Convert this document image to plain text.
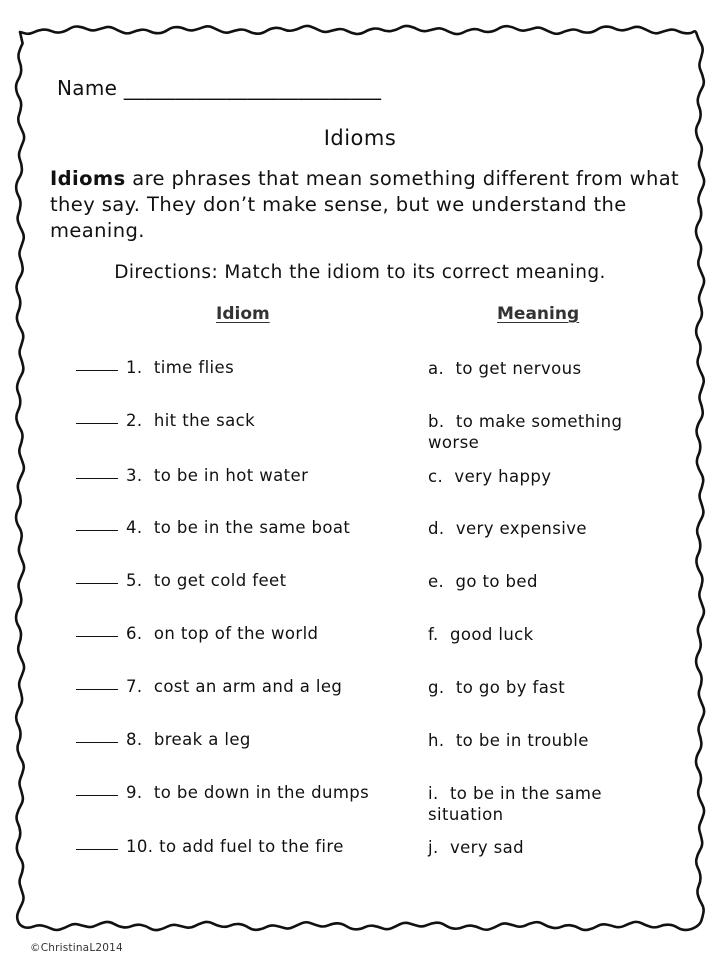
Name _________________________
Idioms
Idioms are phrases that mean something different from what they say. They don’t make sense, but we understand the meaning.
Directions: Match the idiom to its correct meaning.
Idiom	Meaning
1. time flies
2. hit the sack
3. to be in hot water
4. to be in the same boat
5. to get cold feet
6. on top of the world
7. cost an arm and a leg
8. break a leg
9. to be down in the dumps
10. to add fuel to the fire
a. to get nervous
b. to make something worse
c. very happy
d. very expensive
e. go to bed
f. good luck
g. to go by fast
h. to be in trouble
i. to be in the same situation
j. very sad
©ChristinaL2014
